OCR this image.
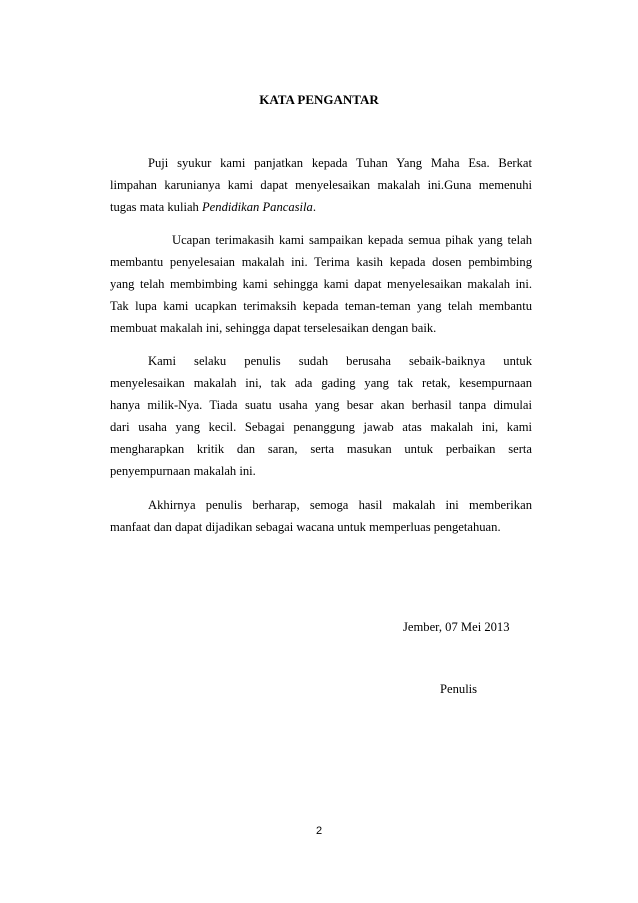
KATA PENGANTAR

Puji syukur kami panjatkan kepada Tuhan Yang Maha Esa. Berkat

limpahan karunianya kami dapat menyelesaikan makalah ini.Guna memenuhi

tugas mata kuliah Pendidikan Pancasila.

Ucapan terimakasih kami sampaikan kepada semua pihak yang telah

membantu penyelesaian makalah ini. Terima kasih kepada dosen pembimbing

yang telah membimbing kami sehingga kami dapat menyelesaikan makalah ini.

Tak lupa kami ucapkan terimaksih kepada teman-teman yang telah membantu

membuat makalah ini, sehingga dapat terselesaikan dengan baik.

Kami selaku penulis sudah berusaha sebaik-baiknya untuk

menyelesaikan makalah ini, tak ada gading yang tak retak, kesempurnaan

hanya milik-Nya. Tiada suatu usaha yang besar akan berhasil tanpa dimulai

dari usaha yang kecil. Sebagai penanggung jawab atas makalah ini, kami

mengharapkan kritik dan saran, serta masukan untuk perbaikan serta

penyempurnaan makalah ini.

Akhirnya penulis berharap, semoga hasil makalah ini memberikan

manfaat dan dapat dijadikan sebagai wacana untuk memperluas pengetahuan.

Jember, 07 Mei 2013

Penulis

2
